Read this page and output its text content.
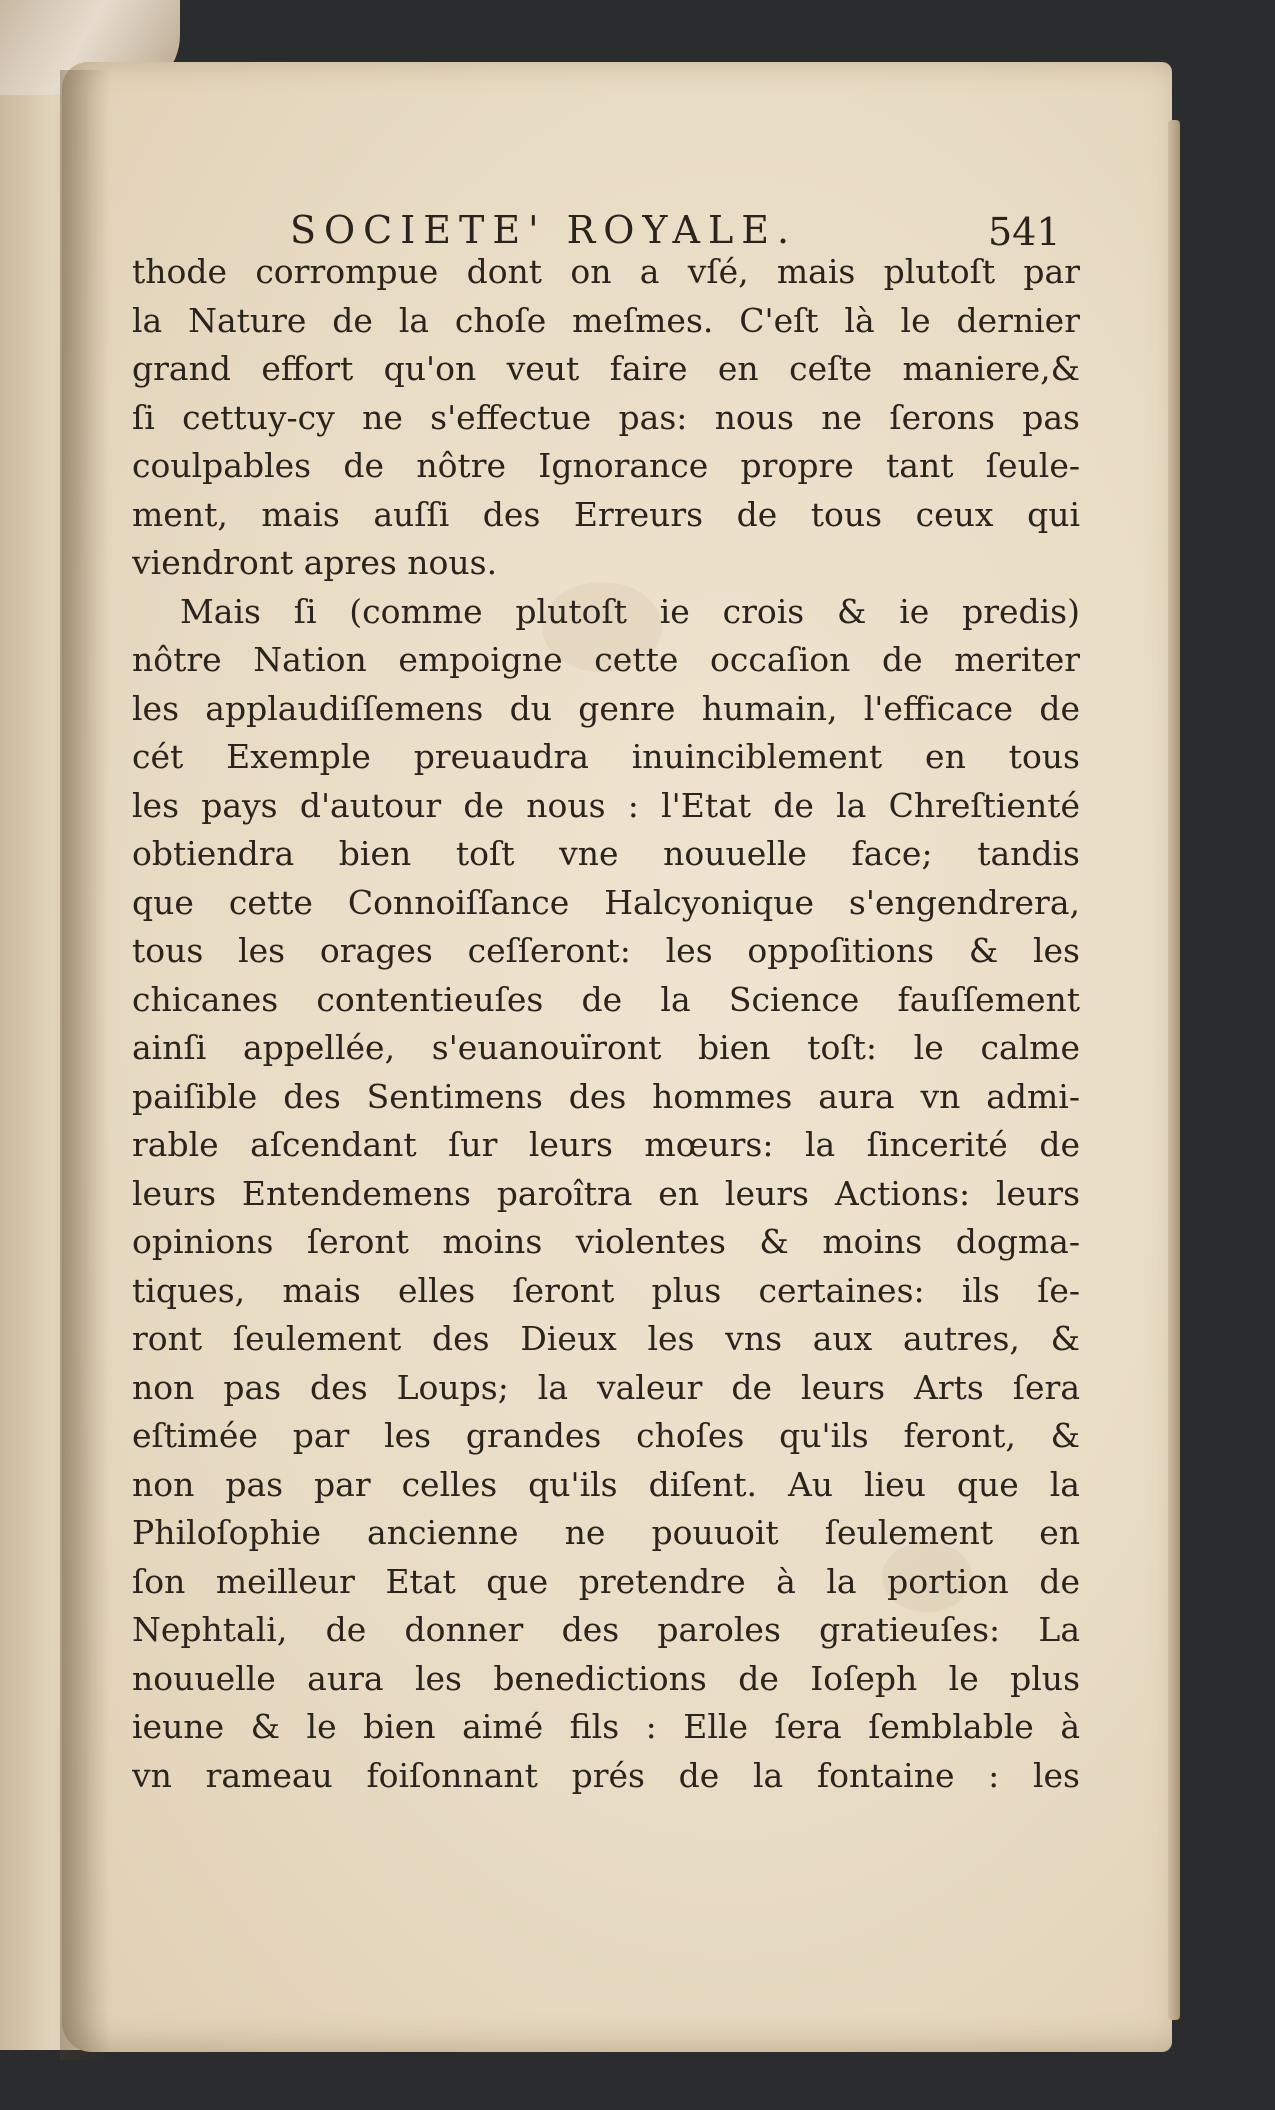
SOCIETE' ROYALE.	541
thode corrompue dont on a vſé, mais plutoſt par
la Nature de la choſe meſmes. C'eſt là le dernier
grand effort qu'on veut faire en ceſte maniere,&
ſi cettuy-cy ne s'effectue pas: nous ne ſerons pas
coulpables de nôtre Ignorance propre tant ſeule-
ment, mais auſſi des Erreurs de tous ceux qui
viendront apres nous.
Mais ſi (comme plutoſt ie crois & ie predis)
nôtre Nation empoigne cette occaſion de meriter
les applaudiſſemens du genre humain, l'efficace de
cét Exemple preuaudra inuinciblement en tous
les pays d'autour de nous : l'Etat de la Chreſtienté
obtiendra bien toſt vne nouuelle face; tandis
que cette Connoiſſance Halcyonique s'engendrera,
tous les orages ceſſeront: les oppoſitions & les
chicanes contentieuſes de la Science fauſſement
ainſi appellée, s'euanouïront bien toſt: le calme
paiſible des Sentimens des hommes aura vn admi-
rable aſcendant ſur leurs mœurs: la ſincerité de
leurs Entendemens paroîtra en leurs Actions: leurs
opinions ſeront moins violentes & moins dogma-
tiques, mais elles ſeront plus certaines: ils ſe-
ront ſeulement des Dieux les vns aux autres, &
non pas des Loups; la valeur de leurs Arts ſera
eſtimée par les grandes choſes qu'ils feront, &
non pas par celles qu'ils diſent. Au lieu que la
Philoſophie ancienne ne pouuoit ſeulement en
ſon meilleur Etat que pretendre à la portion de
Nephtali, de donner des paroles gratieuſes: La
nouuelle aura les benedictions de Ioſeph le plus
ieune & le bien aimé fils : Elle ſera ſemblable à
vn rameau foiſonnant prés de la fontaine : les
